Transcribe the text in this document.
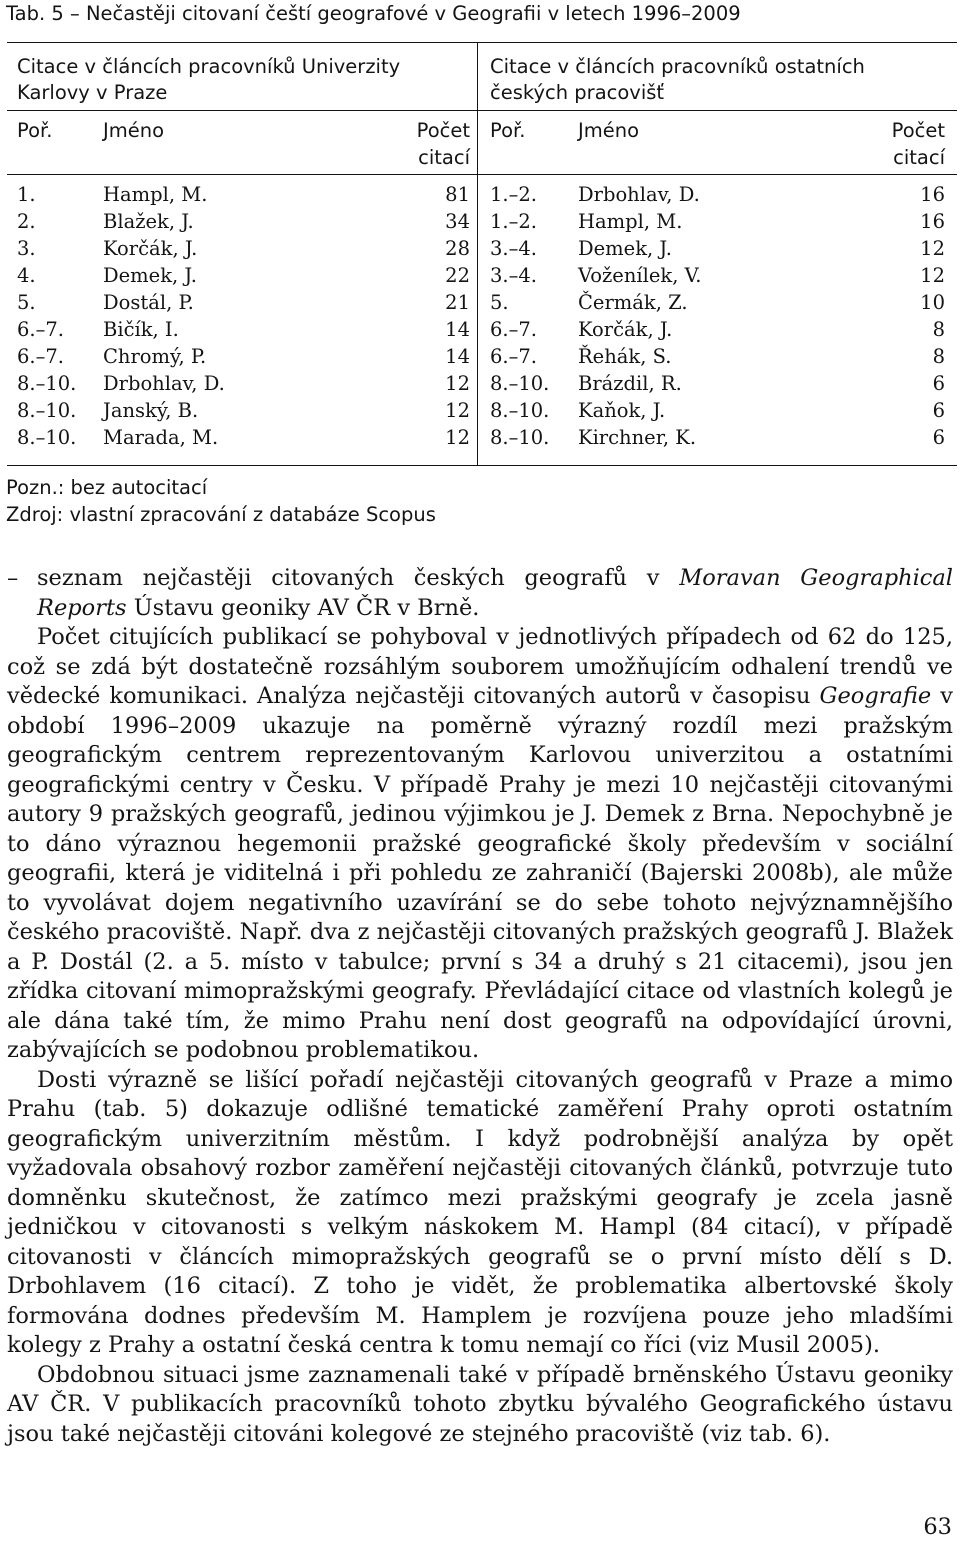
Tab. 5 – Nečastěji citovaní čeští geografové v Geografii v letech 1996–2009
Citace v článcích pracovníků Univerzity
Karlovy v Praze
Poř.	Jméno	Počet
citací
1.	Hampl, M.	81
2.	Blažek, J.	34
3.	Korčák, J.	28
4.	Demek, J.	22
5.	Dostál, P.	21
6.–7. Bičík, I.	14
6.–7. Chromý, P.	14
8.–10. Drbohlav, D.	12
8.–10. Janský, B.	12
8.–10. Marada, M.	12
Citace v článcích pracovníků ostatních
českých pracovišť
Poř.	Jméno	Počet
citací
1.–2. Drbohlav, D.	16
1.–2. Hampl, M.	16
3.–4. Demek, J.	12
3.–4. Voženílek, V.	12
5.	Čermák, Z.	10
6.–7. Korčák, J.	8
6.–7. Řehák, S.	8
8.–10. Brázdil, R.	6
8.–10. Kaňok, J.	6
8.–10. Kirchner, K.	6
Pozn.: bez autocitací
Zdroj: vlastní zpracování z databáze Scopus

– seznam nejčastěji citovaných českých geografů v Moravan Geographical Reports Ústavu geoniky AV ČR v Brně.

Počet citujících publikací se pohyboval v jednotlivých případech od 62 do 125, což se zdá být dostatečně rozsáhlým souborem umožňujícím odhalení trendů ve vědecké komunikaci. Analýza nejčastěji citovaných autorů v časopisu Geografie v období 1996–2009 ukazuje na poměrně výrazný rozdíl mezi pražským geografickým centrem reprezentovaným Karlovou univerzitou a ostatními geografickými centry v Česku. V případě Prahy je mezi 10 nejčastěji citovanými autory 9 pražských geografů, jedinou výjimkou je J. Demek z Brna. Nepochybně je to dáno výraznou hegemonii pražské geografické školy především v sociální geografii, která je viditelná i při pohledu ze zahraničí (Bajerski 2008b), ale může to vyvolávat dojem negativního uzavírání se do sebe tohoto nejvýznamnějšího českého pracoviště. Např. dva z nejčastěji citovaných pražských geografů J. Blažek a P. Dostál (2. a 5. místo v tabulce; první s 34 a druhý s 21 citacemi), jsou jen zřídka citovaní mimopražskými geografy. Převládající citace od vlastních kolegů je ale dána také tím, že mimo Prahu není dost geografů na odpovídající úrovni, zabývajících se podobnou problematikou.

Dosti výrazně se lišící pořadí nejčastěji citovaných geografů v Praze a mimo Prahu (tab. 5) dokazuje odlišné tematické zaměření Prahy oproti ostatním geografickým univerzitním městům. I když podrobnější analýza by opět vyžadovala obsahový rozbor zaměření nejčastěji citovaných článků, potvrzuje tuto domněnku skutečnost, že zatímco mezi pražskými geografy je zcela jasně jedničkou v citovanosti s velkým náskokem M. Hampl (84 citací), v případě citovanosti v článcích mimopražských geografů se o první místo dělí s D. Drbohlavem (16 citací). Z toho je vidět, že problematika albertovské školy formována dodnes především M. Hamplem je rozvíjena pouze jeho mladšími kolegy z Prahy a ostatní česká centra k tomu nemají co říci (viz Musil 2005).

Obdobnou situaci jsme zaznamenali také v případě brněnského Ústavu geoniky AV ČR. V publikacích pracovníků tohoto zbytku bývalého Geografického ústavu jsou také nejčastěji citováni kolegové ze stejného pracoviště (viz tab. 6).

63
